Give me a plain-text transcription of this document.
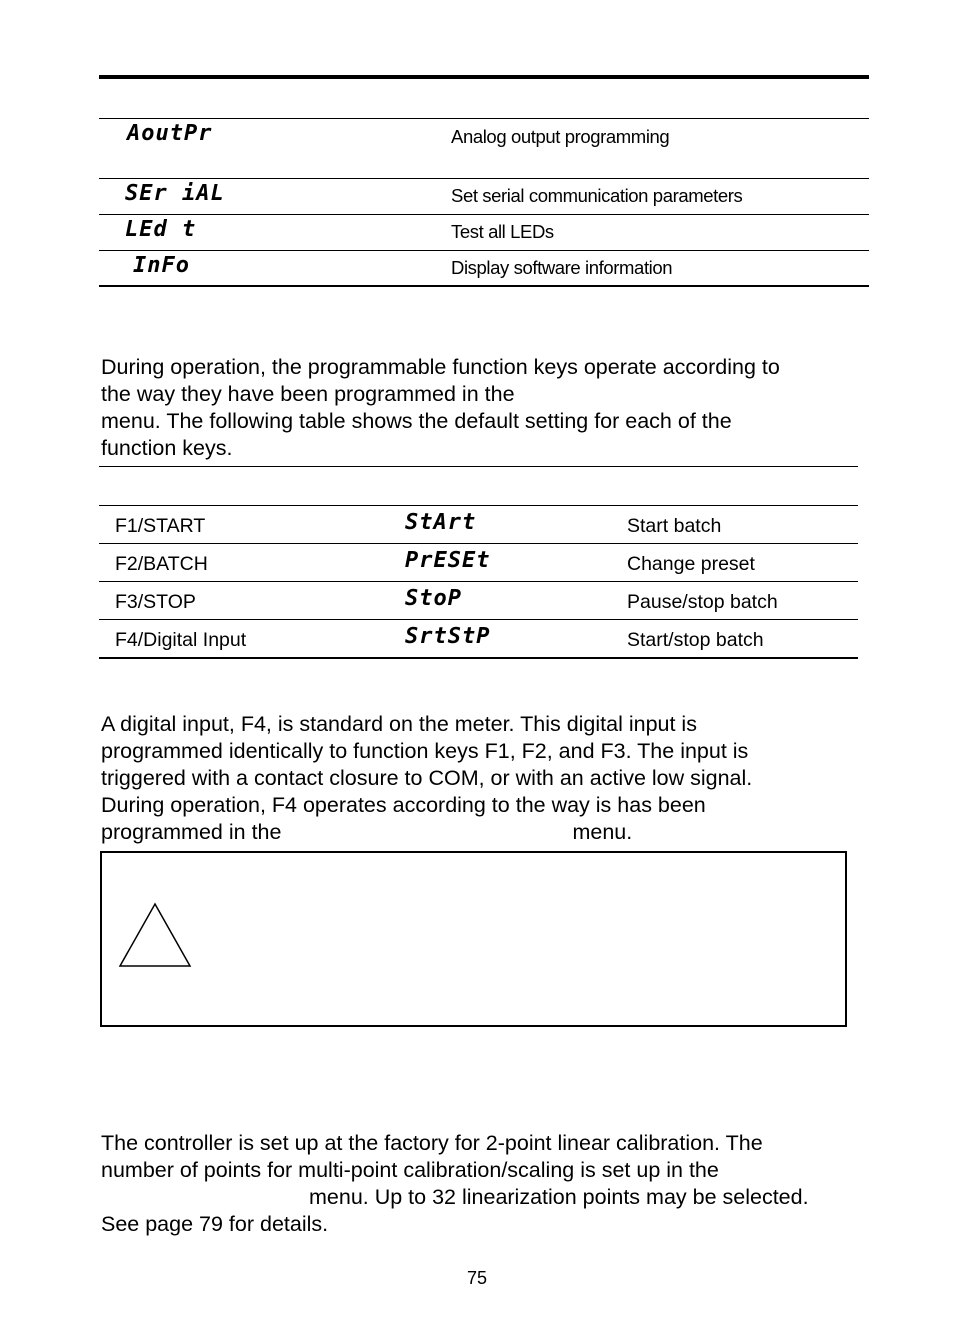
AoutPr	Analog output programming
SEr iAL	Set serial communication parameters
LEd t	Test all LEDs
InFo	Display software information

During operation, the programmable function keys operate according to

the way they have been programmed in the

menu. The following table shows the default setting for each of the

function keys.

F1/START	StArt	Start batch
F2/BATCH	PrESEt	Change preset
F3/STOP	StoP	Pause/stop batch
F4/Digital Input	SrtStP	Start/stop batch

A digital input, F4, is standard on the meter. This digital input is

programmed identically to function keys F1, F2, and F3. The input is

triggered with a contact closure to COM, or with an active low signal.

During operation, F4 operates according to the way is has been

programmed in the	menu.

The controller is set up at the factory for 2-point linear calibration. The

number of points for multi-point calibration/scaling is set up in the

menu. Up to 32 linearization points may be selected.

See page 79 for details.

75
